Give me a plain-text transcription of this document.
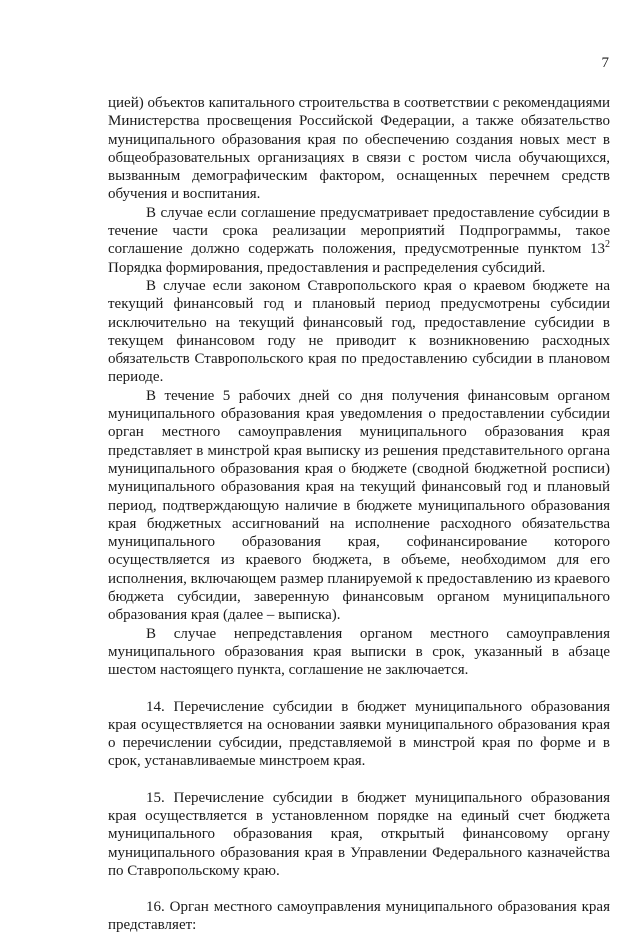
7

цией) объектов капитального строительства в соответствии с рекомендациями Министерства просвещения Российской Федерации, а также обязательство муниципального образования края по обеспечению создания новых мест в общеобразовательных организациях в связи с ростом числа обучающихся, вызванным демографическим фактором, оснащенных перечнем средств обучения и воспитания.

В случае если соглашение предусматривает предоставление субсидии в течение части срока реализации мероприятий Подпрограммы, такое соглашение должно содержать положения, предусмотренные пунктом $13^2$ Порядка формирования, предоставления и распределения субсидий.

В случае если законом Ставропольского края о краевом бюджете на текущий финансовый год и плановый период предусмотрены субсидии исключительно на текущий финансовый год, предоставление субсидии в текущем финансовом году не приводит к возникновению расходных обязательств Ставропольского края по предоставлению субсидии в плановом периоде.

В течение 5 рабочих дней со дня получения финансовым органом муниципального образования края уведомления о предоставлении субсидии орган местного самоуправления муниципального образования края представляет в минстрой края выписку из решения представительного органа муниципального образования края о бюджете (сводной бюджетной росписи) муниципального образования края на текущий финансовый год и плановый период, подтверждающую наличие в бюджете муниципального образования края бюджетных ассигнований на исполнение расходного обязательства муниципального образования края, софинансирование которого осуществляется из краевого бюджета, в объеме, необходимом для его исполнения, включающем размер планируемой к предоставлению из краевого бюджета субсидии, заверенную финансовым органом муниципального образования края (далее – выписка).

В случае непредставления органом местного самоуправления муниципального образования края выписки в срок, указанный в абзаце шестом настоящего пункта, соглашение не заключается.

14. Перечисление субсидии в бюджет муниципального образования края осуществляется на основании заявки муниципального образования края о перечислении субсидии, представляемой в минстрой края по форме и в срок, устанавливаемые минстроем края.

15. Перечисление субсидии в бюджет муниципального образования края осуществляется в установленном порядке на единый счет бюджета муниципального образования края, открытый финансовому органу муниципального образования края в Управлении Федерального казначейства по Ставропольскому краю.

16. Орган местного самоуправления муниципального образования края представляет:
